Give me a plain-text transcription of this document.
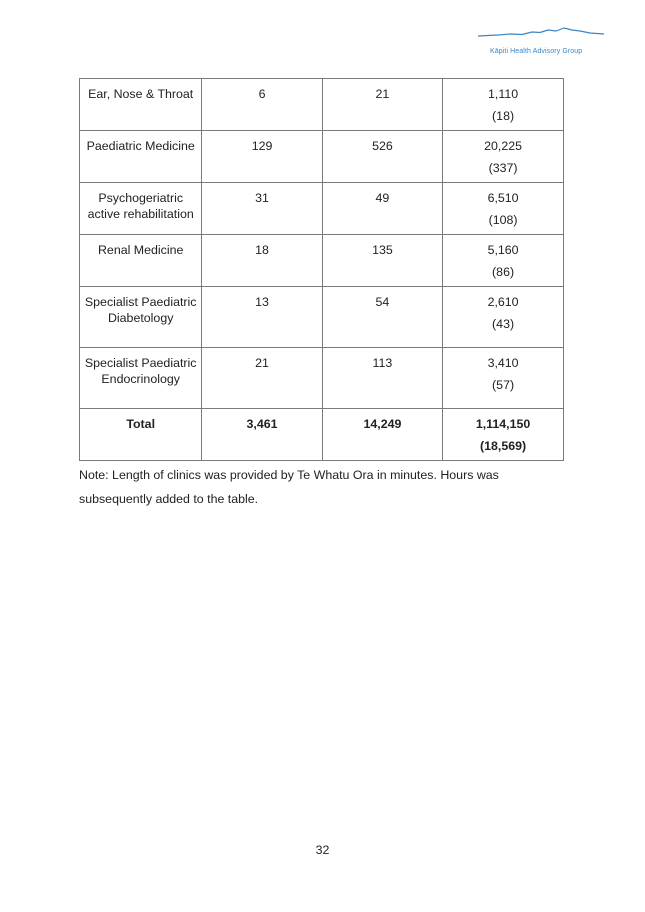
Kāpiti Health Advisory Group
Ear, Nose & Throat	6	21	1,110
(18)

Paediatric Medicine	129	526	20,225
(337)

Psychogeriatric active rehabilitation	31	49	6,510
(108)

Renal Medicine	18	135	5,160
(86)

Specialist Paediatric Diabetology	13	54	2,610
(43)

Specialist Paediatric Endocrinology	21	113	3,410
(57)

Total	3,461	14,249	1,114,150
(18,569)
Note: Length of clinics was provided by Te Whatu Ora in minutes. Hours was subsequently added to the table.
32
